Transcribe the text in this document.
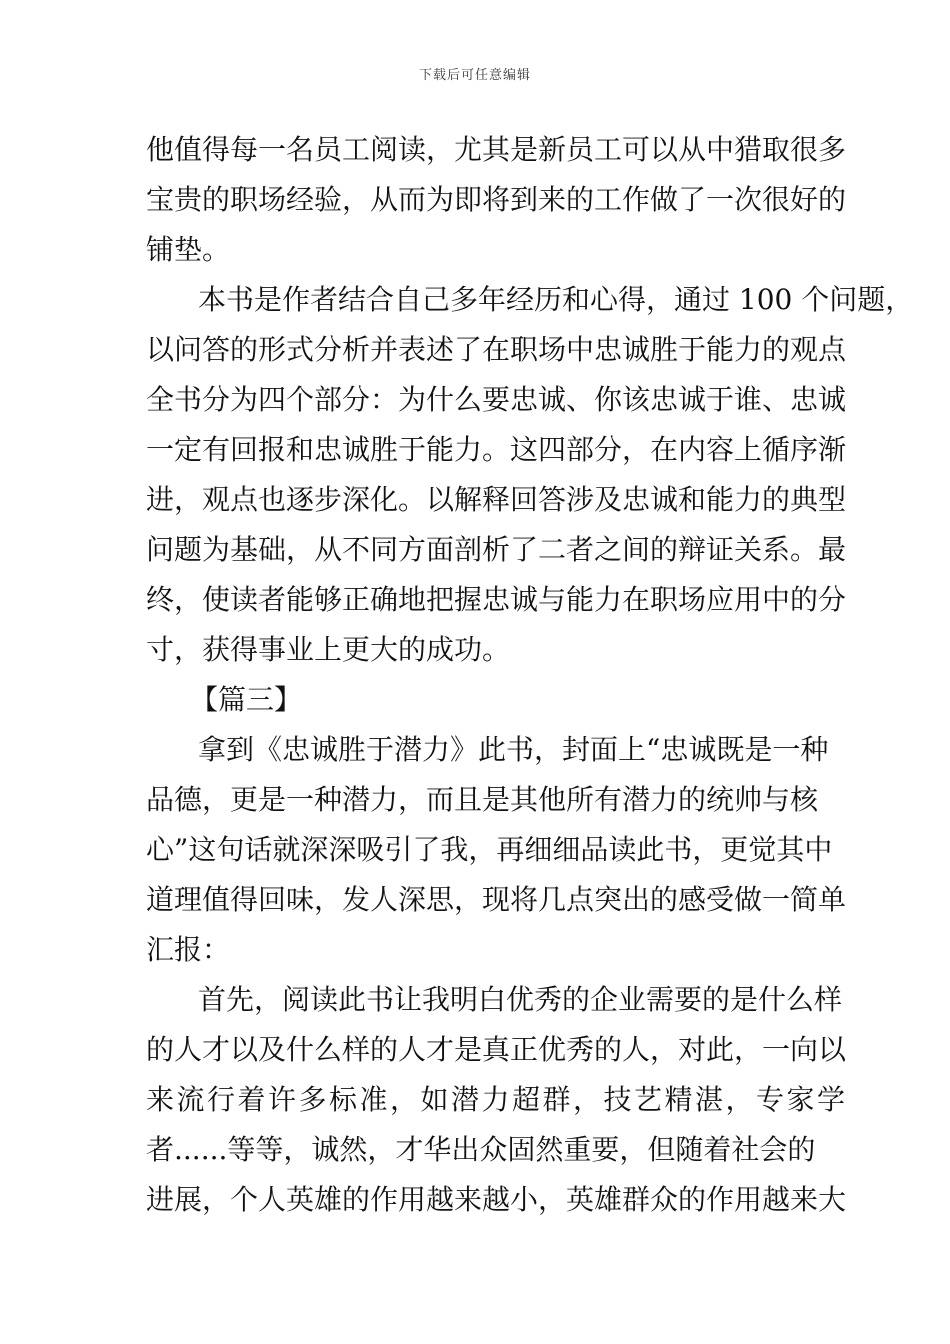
下载后可任意编辑
他值得每一名员工阅读，尤其是新员工可以从中猎取很多
宝贵的职场经验，从而为即将到来的工作做了一次很好的
铺垫。
本书是作者结合自己多年经历和心得，通过 100 个问题，
以问答的形式分析并表述了在职场中忠诚胜于能力的观点
全书分为四个部分：为什么要忠诚、你该忠诚于谁、忠诚
一定有回报和忠诚胜于能力。这四部分，在内容上循序渐
进，观点也逐步深化。以解释回答涉及忠诚和能力的典型
问题为基础，从不同方面剖析了二者之间的辩证关系。最
终，使读者能够正确地把握忠诚与能力在职场应用中的分
寸，获得事业上更大的成功。
【篇三】
拿到《忠诚胜于潜力》此书，封面上“忠诚既是一种
品德，更是一种潜力，而且是其他所有潜力的统帅与核
心”这句话就深深吸引了我，再细细品读此书，更觉其中
道理值得回味，发人深思，现将几点突出的感受做一简单
汇报：
首先，阅读此书让我明白优秀的企业需要的是什么样
的人才以及什么样的人才是真正优秀的人，对此，一向以
来流行着许多标准，如潜力超群，技艺精湛，专家学
者......等等，诚然，才华出众固然重要，但随着社会的
进展，个人英雄的作用越来越小，英雄群众的作用越来大
